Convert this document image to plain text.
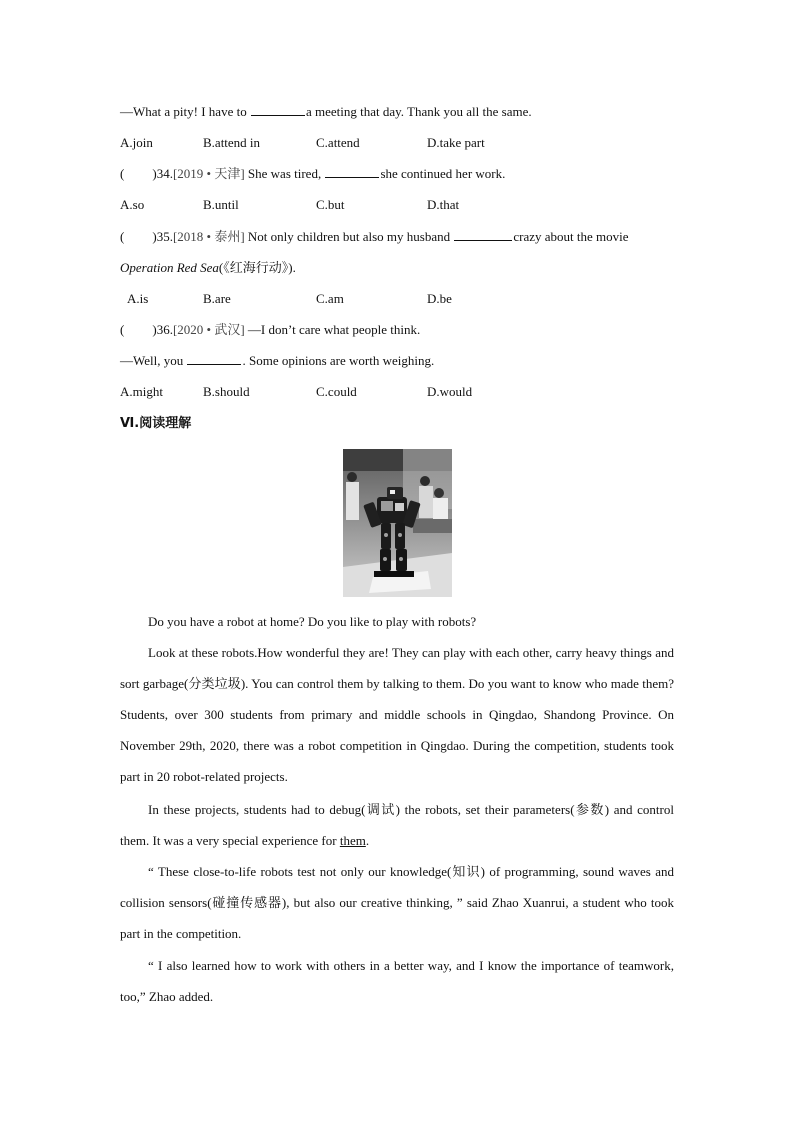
—What a pity! I have to	a meeting that day. Thank you all the same.
A.join	B.attend in	C.attend	D.take part
( )34.[2019 • 天津] She was tired,	she continued her work.
A.so	B.until	C.but	D.that
( )35.[2018 • 泰州] Not only children but also my husband	crazy about the movie
Operation Red Sea(《红海行动》).
A.is	B.are	C.am	D.be
( )36.[2020 • 武汉] —I don’t care what people think.
—Well, you	. Some opinions are worth weighing.
A.might	B.should	C.could	D.would
Ⅵ.阅读理解
Do you have a robot at home? Do you like to play with robots?
Look at these robots.How wonderful they are! They can play with each other, carry heavy things and sort garbage(分类垃圾). You can control them by talking to them. Do you want to know who made them? Students, over 300 students from primary and middle schools in Qingdao, Shandong Province. On November 29th, 2020, there was a robot competition in Qingdao. During the competition, students took part in 20 robot-related projects.
In these projects, students had to debug(调试) the robots, set their parameters(参数) and control them. It was a very special experience for them.
“ These close-to-life robots test not only our knowledge(知识) of programming, sound waves and collision sensors(碰撞传感器), but also our creative thinking, ” said Zhao Xuanrui, a student who took part in the competition.
“ I also learned how to work with others in a better way, and I know the importance of teamwork, too,” Zhao added.
